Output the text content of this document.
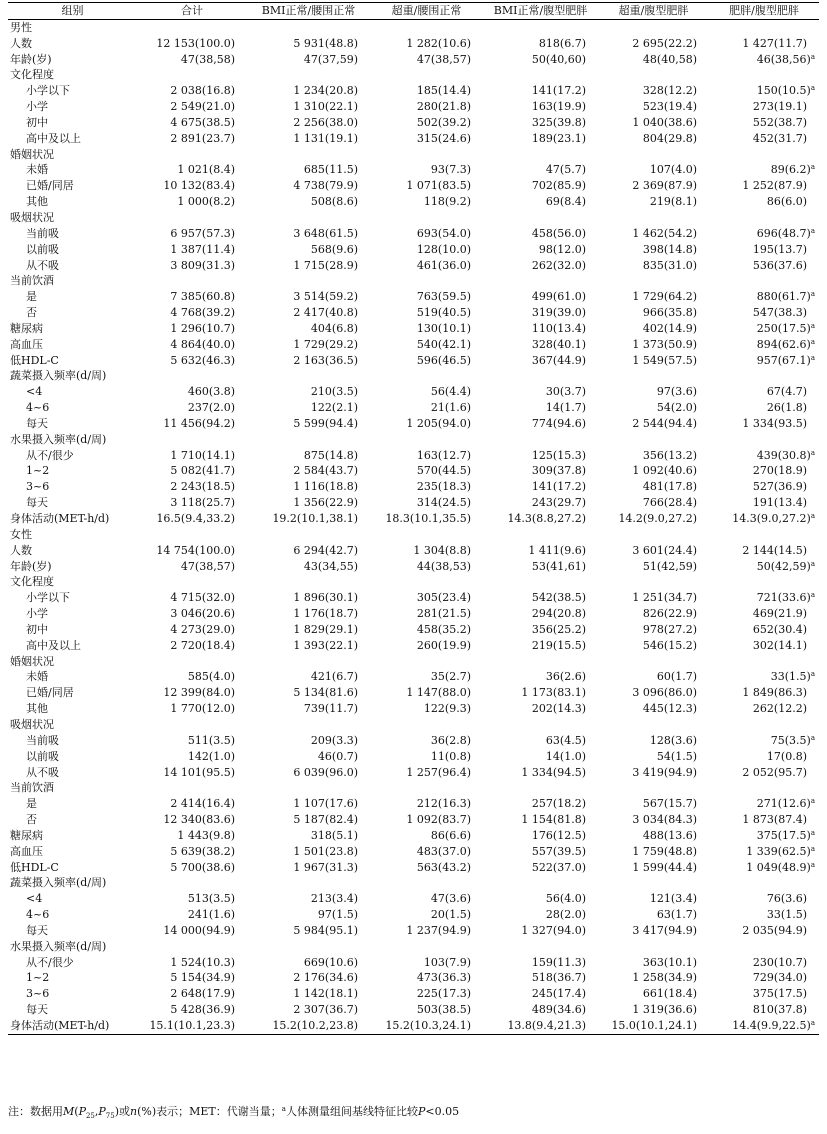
组别	合计	BMI正常/腰围正常	超重/腰围正常	BMI正常/腹型肥胖	超重/腹型肥胖	肥胖/腹型肥胖
男性						
人数	12 153(100.0)	5 931(48.8)	1 282(10.6)	818(6.7)	2 695(22.2)	1 427(11.7)
年龄(岁)	47(38,58)	47(37,59)	47(38,57)	50(40,60)	48(40,58)	$46(38,56)^a$
文化程度						
小学以下	2 038(16.8)	1 234(20.8)	185(14.4)	141(17.2)	328(12.2)	$150(10.5)^a$
小学	2 549(21.0)	1 310(22.1)	280(21.8)	163(19.9)	523(19.4)	273(19.1)
初中	4 675(38.5)	2 256(38.0)	502(39.2)	325(39.8)	1 040(38.6)	552(38.7)
高中及以上	2 891(23.7)	1 131(19.1)	315(24.6)	189(23.1)	804(29.8)	452(31.7)
婚姻状况						
未婚	1 021(8.4)	685(11.5)	93(7.3)	47(5.7)	107(4.0)	$89(6.2)^a$
已婚/同居	10 132(83.4)	4 738(79.9)	1 071(83.5)	702(85.9)	2 369(87.9)	1 252(87.9)
其他	1 000(8.2)	508(8.6)	118(9.2)	69(8.4)	219(8.1)	86(6.0)
吸烟状况						
当前吸	6 957(57.3)	3 648(61.5)	693(54.0)	458(56.0)	1 462(54.2)	$696(48.7)^a$
以前吸	1 387(11.4)	568(9.6)	128(10.0)	98(12.0)	398(14.8)	195(13.7)
从不吸	3 809(31.3)	1 715(28.9)	461(36.0)	262(32.0)	835(31.0)	536(37.6)
当前饮酒						
是	7 385(60.8)	3 514(59.2)	763(59.5)	499(61.0)	1 729(64.2)	$880(61.7)^a$
否	4 768(39.2)	2 417(40.8)	519(40.5)	319(39.0)	966(35.8)	547(38.3)
糖尿病	1 296(10.7)	404(6.8)	130(10.1)	110(13.4)	402(14.9)	$250(17.5)^a$
高血压	4 864(40.0)	1 729(29.2)	540(42.1)	328(40.1)	1 373(50.9)	$894(62.6)^a$
低HDL-C	5 632(46.3)	2 163(36.5)	596(46.5)	367(44.9)	1 549(57.5)	$957(67.1)^a$
蔬菜摄入频率(d/周)						
<4	460(3.8)	210(3.5)	56(4.4)	30(3.7)	97(3.6)	67(4.7)
4~6	237(2.0)	122(2.1)	21(1.6)	14(1.7)	54(2.0)	26(1.8)
每天	11 456(94.2)	5 599(94.4)	1 205(94.0)	774(94.6)	2 544(94.4)	1 334(93.5)
水果摄入频率(d/周)						
从不/很少	1 710(14.1)	875(14.8)	163(12.7)	125(15.3)	356(13.2)	$439(30.8)^a$
1~2	5 082(41.7)	2 584(43.7)	570(44.5)	309(37.8)	1 092(40.6)	270(18.9)
3~6	2 243(18.5)	1 116(18.8)	235(18.3)	141(17.2)	481(17.8)	527(36.9)
每天	3 118(25.7)	1 356(22.9)	314(24.5)	243(29.7)	766(28.4)	191(13.4)
身体活动(MET-h/d)	16.5(9.4,33.2)	19.2(10.1,38.1)	18.3(10.1,35.5)	14.3(8.8,27.2)	14.2(9.0,27.2)	$14.3(9.0,27.2)^a$
女性						
人数	14 754(100.0)	6 294(42.7)	1 304(8.8)	1 411(9.6)	3 601(24.4)	2 144(14.5)
年龄(岁)	47(38,57)	43(34,55)	44(38,53)	53(41,61)	51(42,59)	$50(42,59)^a$
文化程度						
小学以下	4 715(32.0)	1 896(30.1)	305(23.4)	542(38.5)	1 251(34.7)	$721(33.6)^a$
小学	3 046(20.6)	1 176(18.7)	281(21.5)	294(20.8)	826(22.9)	469(21.9)
初中	4 273(29.0)	1 829(29.1)	458(35.2)	356(25.2)	978(27.2)	652(30.4)
高中及以上	2 720(18.4)	1 393(22.1)	260(19.9)	219(15.5)	546(15.2)	302(14.1)
婚姻状况						
未婚	585(4.0)	421(6.7)	35(2.7)	36(2.6)	60(1.7)	$33(1.5)^a$
已婚/同居	12 399(84.0)	5 134(81.6)	1 147(88.0)	1 173(83.1)	3 096(86.0)	1 849(86.3)
其他	1 770(12.0)	739(11.7)	122(9.3)	202(14.3)	445(12.3)	262(12.2)
吸烟状况						
当前吸	511(3.5)	209(3.3)	36(2.8)	63(4.5)	128(3.6)	$75(3.5)^a$
以前吸	142(1.0)	46(0.7)	11(0.8)	14(1.0)	54(1.5)	17(0.8)
从不吸	14 101(95.5)	6 039(96.0)	1 257(96.4)	1 334(94.5)	3 419(94.9)	2 052(95.7)
当前饮酒						
是	2 414(16.4)	1 107(17.6)	212(16.3)	257(18.2)	567(15.7)	$271(12.6)^a$
否	12 340(83.6)	5 187(82.4)	1 092(83.7)	1 154(81.8)	3 034(84.3)	1 873(87.4)
糖尿病	1 443(9.8)	318(5.1)	86(6.6)	176(12.5)	488(13.6)	$375(17.5)^a$
高血压	5 639(38.2)	1 501(23.8)	483(37.0)	557(39.5)	1 759(48.8)	1 $339(62.5)^a$
低HDL-C	5 700(38.6)	1 967(31.3)	563(43.2)	522(37.0)	1 599(44.4)	1 $049(48.9)^a$
蔬菜摄入频率(d/周)						
<4	513(3.5)	213(3.4)	47(3.6)	56(4.0)	121(3.4)	76(3.6)
4~6	241(1.6)	97(1.5)	20(1.5)	28(2.0)	63(1.7)	33(1.5)
每天	14 000(94.9)	5 984(95.1)	1 237(94.9)	1 327(94.0)	3 417(94.9)	2 035(94.9)
水果摄入频率(d/周)						
从不/很少	1 524(10.3)	669(10.6)	103(7.9)	159(11.3)	363(10.1)	230(10.7)
1~2	5 154(34.9)	2 176(34.6)	473(36.3)	518(36.7)	1 258(34.9)	729(34.0)
3~6	2 648(17.9)	1 142(18.1)	225(17.3)	245(17.4)	661(18.4)	375(17.5)
每天	5 428(36.9)	2 307(36.7)	503(38.5)	489(34.6)	1 319(36.6)	810(37.8)
身体活动(MET-h/d)	15.1(10.1,23.3)	15.2(10.2,23.8)	15.2(10.3,24.1)	13.8(9.4,21.3)	15.0(10.1,24.1)	$14.4(9.9,22.5)^a$
注：数据用$M(P_{25},P_{75})$或n(%)表示；MET：代谢当量；$^a$人体测量组间基线特征比较P<0.05
